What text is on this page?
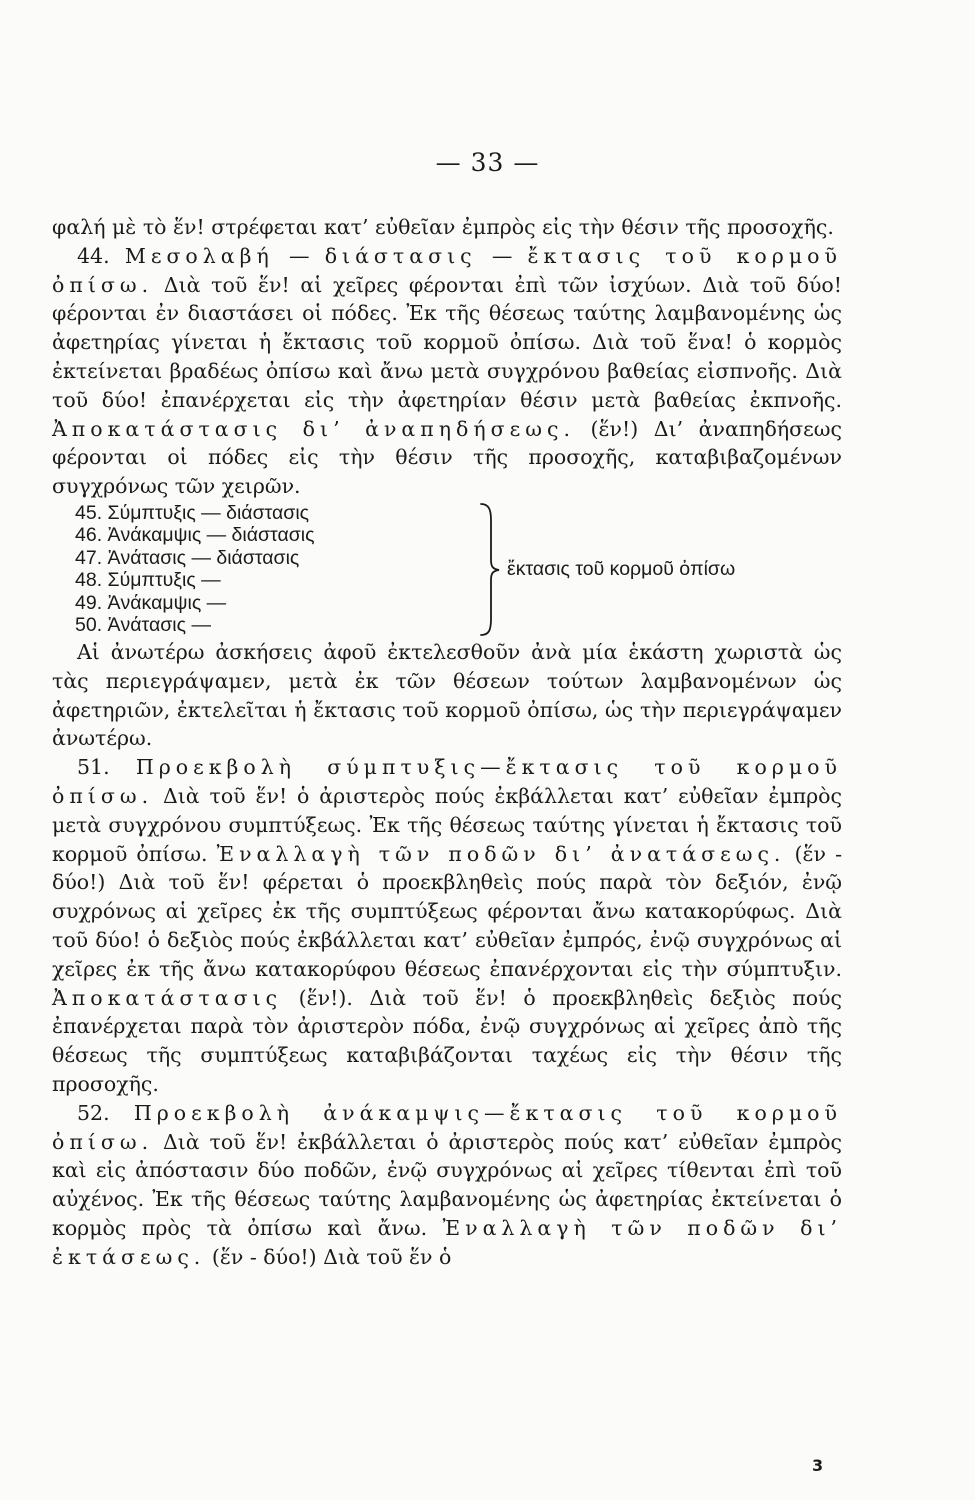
— 33 —

φαλή μὲ τὸ ἕν! στρέφεται κατ’ εὐθεῖαν ἐμπρὸς εἰς τὴν θέσιν τῆς προσοχῆς.

44. Μεσολαβή — διάστασις — ἔκτασις τοῦ κορμοῦ ὀπίσω. Διὰ τοῦ ἕν! αἱ χεῖρες φέρονται ἐπὶ τῶν ἰσχύων. Διὰ τοῦ δύο! φέρονται ἐν διαστάσει οἱ πόδες. Ἐκ τῆς θέσεως ταύτης λαμβανομένης ὡς ἀφετηρίας γίνεται ἡ ἔκτασις τοῦ κορμοῦ ὀπίσω. Διὰ τοῦ ἕνα! ὁ κορμὸς ἐκτείνεται βραδέως ὀπίσω καὶ ἄνω μετὰ συγχρόνου βαθείας εἰσπνοῆς. Διὰ τοῦ δύο! ἐπανέρχεται εἰς τὴν ἀφετηρίαν θέσιν μετὰ βαθείας ἐκπνοῆς. Ἀποκατάστασις δι’ ἀναπηδήσεως. (ἕν!) Δι’ ἀναπηδήσεως φέρονται οἱ πόδες εἰς τὴν θέσιν τῆς προσοχῆς, καταβιβαζομένων συγχρόνως τῶν χειρῶν.

45. Σύμπτυξις — διάστασις
46. Ἀνάκαμψις — διάστασις
47. Ἀνάτασις — διάστασις
48. Σύμπτυξις —
49. Ἀνάκαμψις —
50. Ἀνάτασις —
ἔκτασις τοῦ κορμοῦ ὀπίσω

Αἱ ἀνωτέρω ἀσκήσεις ἀφοῦ ἐκτελεσθοῦν ἀνὰ μία ἑκάστη χωριστὰ ὡς τὰς περιεγράψαμεν, μετὰ ἐκ τῶν θέσεων τούτων λαμβανομένων ὡς ἀφετηριῶν, ἐκτελεῖται ἡ ἔκτασις τοῦ κορμοῦ ὀπίσω, ὡς τὴν περιεγράψαμεν ἀνωτέρω.

51. Προεκβολὴ σύμπτυξις—ἔκτασις τοῦ κορμοῦ ὀπίσω. Διὰ τοῦ ἕν! ὁ ἀριστερὸς πούς ἐκβάλλεται κατ’ εὐθεῖαν ἐμπρὸς μετὰ συγχρόνου συμπτύξεως. Ἐκ τῆς θέσεως ταύτης γίνεται ἡ ἔκτασις τοῦ κορμοῦ ὀπίσω. Ἐναλλαγὴ τῶν ποδῶν δι’ ἀνατάσεως. (ἕν - δύο!) Διὰ τοῦ ἕν! φέρεται ὁ προεκβληθεὶς πούς παρὰ τὸν δεξιόν, ἐνῷ συχρόνως αἱ χεῖρες ἐκ τῆς συμπτύξεως φέρονται ἄνω κατακορύφως. Διὰ τοῦ δύο! ὁ δεξιὸς πούς ἐκβάλλεται κατ’ εὐθεῖαν ἐμπρός, ἐνῷ συγχρόνως αἱ χεῖρες ἐκ τῆς ἄνω κατακορύφου θέσεως ἐπανέρχονται εἰς τὴν σύμπτυξιν. Ἀποκατάστασις (ἕν!). Διὰ τοῦ ἕν! ὁ προεκβληθεὶς δεξιὸς πούς ἐπανέρχεται παρὰ τὸν ἀριστερὸν πόδα, ἐνῷ συγχρόνως αἱ χεῖρες ἀπὸ τῆς θέσεως τῆς συμπτύξεως καταβιβάζονται ταχέως εἰς τὴν θέσιν τῆς προσοχῆς.

52. Προεκβολὴ ἀνάκαμψις—ἔκτασις τοῦ κορμοῦ ὀπίσω. Διὰ τοῦ ἕν! ἐκβάλλεται ὁ ἀριστερὸς πούς κατ’ εὐθεῖαν ἐμπρὸς καὶ εἰς ἀπόστασιν δύο ποδῶν, ἐνῷ συγχρόνως αἱ χεῖρες τίθενται ἐπὶ τοῦ αὐχένος. Ἐκ τῆς θέσεως ταύτης λαμβανομένης ὡς ἀφετηρίας ἐκτείνεται ὁ κορμὸς πρὸς τὰ ὀπίσω καὶ ἄνω. Ἐναλλαγὴ τῶν ποδῶν δι’ ἐκτάσεως. (ἕν - δύο!) Διὰ τοῦ ἕν ὁ

3
